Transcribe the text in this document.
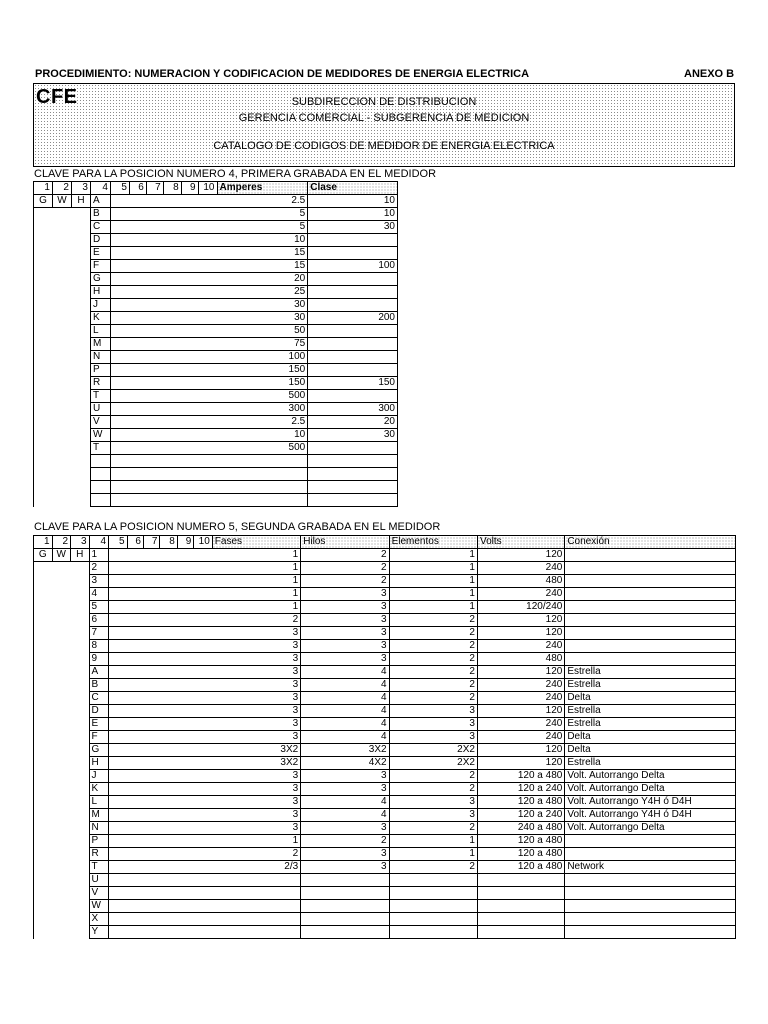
PROCEDIMIENTO: NUMERACION Y CODIFICACION DE MEDIDORES DE ENERGIA ELECTRICA	ANEXO B
CFE	SUBDIRECCION DE DISTRIBUCION
GERENCIA COMERCIAL - SUBGERENCIA DE MEDICION
CATALOGO DE CODIGOS DE MEDIDOR DE ENERGIA ELECTRICA
CLAVE PARA LA POSICION NUMERO 4, PRIMERA GRABADA EN EL MEDIDOR
1	2	3	4	5	6	7	8	9	10	Amperes	Clase
G	W	H	A							2.5	10
			B							5	10
			C							5	30
			D							10	
			E							15	
			F							15	100
			G							20	
			H							25	
			J							30	
			K							30	200
			L							50	
			M							75	
			N							100	
			P							150	
			R							150	150
			T							500	
			U							300	300
			V							2.5	20
			W							10	30
			T							500	

CLAVE PARA LA POSICION NUMERO 5, SEGUNDA GRABADA EN EL MEDIDOR
1	2	3	4	5	6	7	8	9	10	Fases	Hilos	Elementos	Volts	Conexión
G	W	H	1							1	2	1	120	
			2							1	2	1	240	
			3							1	2	1	480	
			4							1	3	1	240	
			5							1	3	1	120/240	
			6							2	3	2	120	
			7							3	3	2	120	
			8							3	3	2	240	
			9							3	3	2	480	
			A							3	4	2	120	Estrella
			B							3	4	2	240	Estrella
			C							3	4	2	240	Delta
			D							3	4	3	120	Estrella
			E							3	4	3	240	Estrella
			F							3	4	3	240	Delta
			G							3X2	3X2	2X2	120	Delta
			H							3X2	4X2	2X2	120	Estrella
			J							3	3	2	120 a 480	Volt. Autorrango Delta
			K							3	3	2	120 a 240	Volt. Autorrango Delta
			L							3	4	3	120 a 480	Volt. Autorrango Y4H ó D4H
			M							3	4	3	120 a 240	Volt. Autorrango Y4H ó D4H
			N							3	3	2	240 a 480	Volt. Autorrango Delta
			P							1	2	1	120 a 480	
			R							2	3	1	120 a 480	
			T							2/3	3	2	120 a 480	Network
			U											
			V											
			W											
			X											
			Y											
